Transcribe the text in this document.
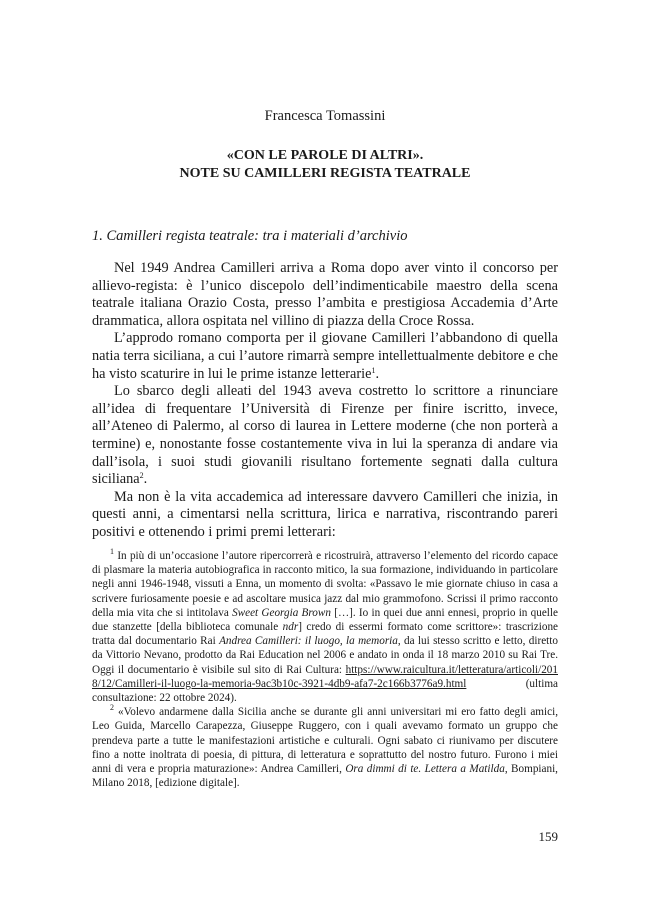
Francesca Tomassini
«CON LE PAROLE DI ALTRI».
NOTE SU CAMILLERI REGISTA TEATRALE
1. Camilleri regista teatrale: tra i materiali d’archivio

Nel 1949 Andrea Camilleri arriva a Roma dopo aver vinto il concorso per allievo-regista: è l’unico discepolo dell’indimenticabile maestro della scena teatrale italiana Orazio Costa, presso l’ambita e prestigiosa Accademia d’Arte drammatica, allora ospitata nel villino di piazza della Croce Rossa.

L’approdo romano comporta per il giovane Camilleri l’abbandono di quella natia terra siciliana, a cui l’autore rimarrà sempre intellettualmente debitore e che ha visto scaturire in lui le prime istanze letterarie$^1$.

Lo sbarco degli alleati del 1943 aveva costretto lo scrittore a rinunciare all’idea di frequentare l’Università di Firenze per finire iscritto, invece, all’Ateneo di Palermo, al corso di laurea in Lettere moderne (che non porterà a termine) e, nonostante fosse costantemente viva in lui la speranza di andare via dall’isola, i suoi studi giovanili risultano fortemente segnati dalla cultura siciliana$^2$.

Ma non è la vita accademica ad interessare davvero Camilleri che inizia, in questi anni, a cimentarsi nella scrittura, lirica e narrativa, riscontrando pareri positivi e ottenendo i primi premi letterari:

$^1$ In più di un’occasione l’autore ripercorrerà e ricostruirà, attraverso l’elemento del ricordo capace di plasmare la materia autobiografica in racconto mitico, la sua formazione, individuando in particolare negli anni 1946-1948, vissuti a Enna, un momento di svolta: «Passavo le mie giornate chiuso in casa a scrivere furiosamente poesie e ad ascoltare musica jazz dal mio grammofono. Scrissi il primo racconto della mia vita che si intitolava Sweet Georgia Brown […]. Io in quei due anni ennesi, proprio in quelle due stanzette [della biblioteca comunale ndr] credo di essermi formato come scrittore»: trascrizione tratta dal documentario Rai Andrea Camilleri: il luogo, la memoria, da lui stesso scritto e letto, diretto da Vittorio Nevano, prodotto da Rai Education nel 2006 e andato in onda il 18 marzo 2010 su Rai Tre. Oggi il documentario è visibile sul sito di Rai Cultura: https://www.raicultura.it/letteratura/articoli/2018/12/Camilleri-il-luogo-la-memoria-9ac3b10c-3921-4db9-afa7-2c166b3776a9.html (ultima consultazione: 22 ottobre 2024).

$^2$ «Volevo andarmene dalla Sicilia anche se durante gli anni universitari mi ero fatto degli amici, Leo Guida, Marcello Carapezza, Giuseppe Ruggero, con i quali avevamo formato un gruppo che prendeva parte a tutte le manifestazioni artistiche e culturali. Ogni sabato ci riunivamo per discutere fino a notte inoltrata di poesia, di pittura, di letteratura e soprattutto del nostro futuro. Furono i miei anni di vera e propria maturazione»: Andrea Camilleri, Ora dimmi di te. Lettera a Matilda, Bompiani, Milano 2018, [edizione digitale].

159
